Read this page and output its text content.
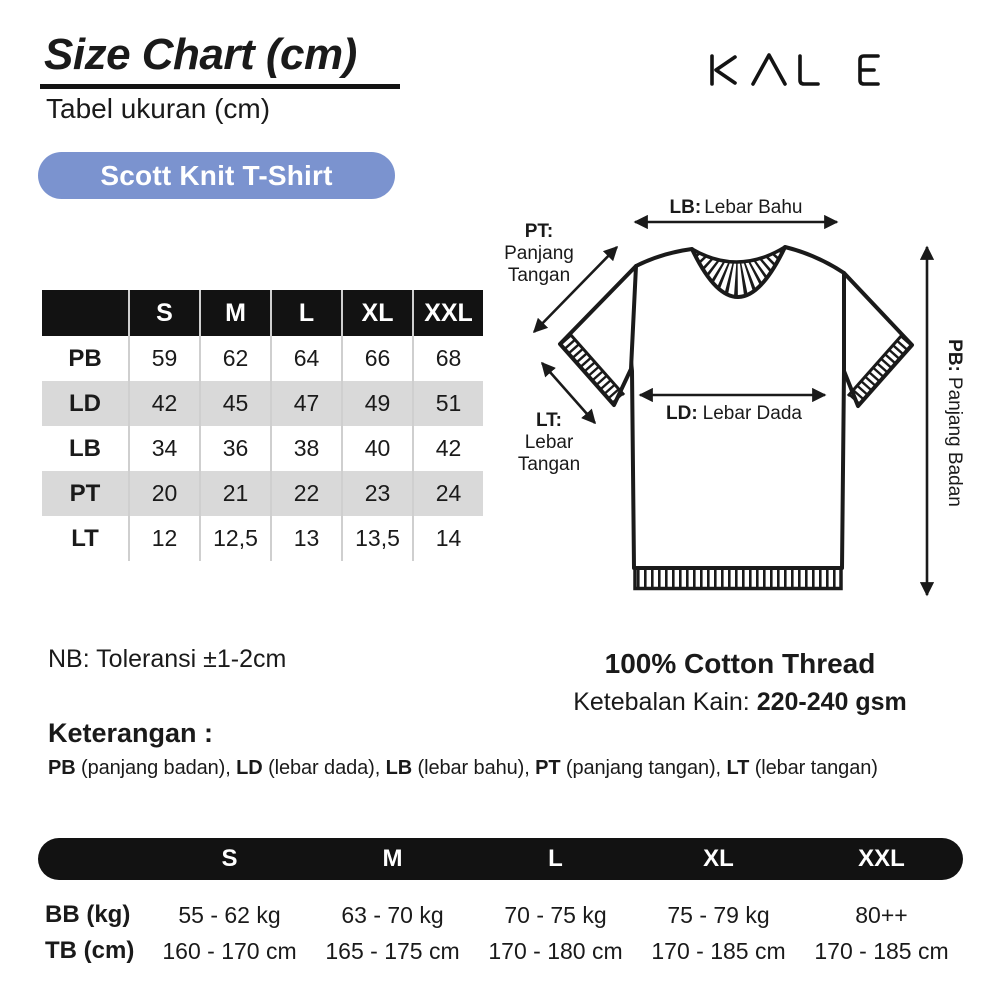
Size Chart (cm)
Tabel ukuran (cm)
Scott Knit T-Shirt
S	M	L	XL	XXL
PB	59	62	64	66	68
LD	42	45	47	49	51
LB	34	36	38	40	42
PT	20	21	22	23	24
LT	12	12,5	13	13,5	14
LB: Lebar Bahu
LD: Lebar Dada
PB:Panjang Badan
PT:
Panjang
Tangan
LT:
Lebar
Tangan
NB: Toleransi ±1-2cm	100% Cotton Thread
Ketebalan Kain: 220-240 gsm
Keterangan :
PB (panjang badan), LD (lebar dada), LB (lebar bahu), PT (panjang tangan), LT (lebar tangan)
S	M	L	XL	XXL
BB (kg)	55 - 62 kg	63 - 70 kg	70 - 75 kg	75 - 79 kg	80++
TB (cm)	160 - 170 cm	165 - 175 cm	170 - 180 cm	170 - 185 cm	170 - 185 cm
